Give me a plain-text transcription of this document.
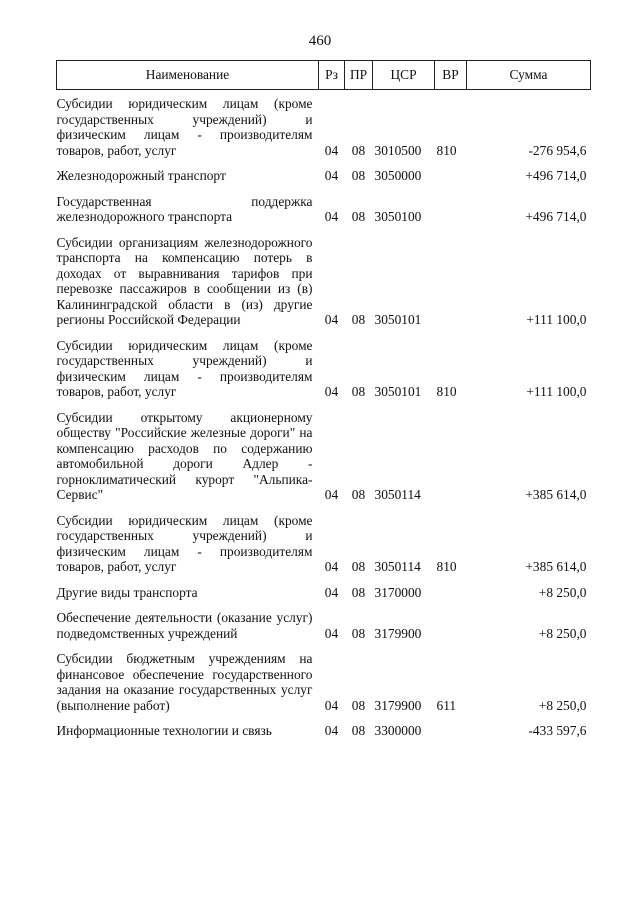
460
Наименование	Рз	ПР	ЦСР	ВР	Сумма
Субсидии юридическим лицам (кроме государственных учреждений) и физическим лицам - производителям товаров, работ, услуг	04	08	3010500	810	-276 954,6
Железнодорожный транспорт	04	08	3050000		+496 714,0
Государственная поддержка железнодорожного транспорта	04	08	3050100		+496 714,0
Субсидии организациям железнодорожного транспорта на компенсацию потерь в доходах от выравнивания тарифов при перевозке пассажиров в сообщении из (в) Калининградской области в (из) другие регионы Российской Федерации	04	08	3050101		+111 100,0
Субсидии юридическим лицам (кроме государственных учреждений) и физическим лицам - производителям товаров, работ, услуг	04	08	3050101	810	+111 100,0
Субсидии открытому акционерному обществу "Российские железные дороги" на компенсацию расходов по содержанию автомобильной дороги Адлер - горноклиматический курорт "Альпика-Сервис"	04	08	3050114		+385 614,0
Субсидии юридическим лицам (кроме государственных учреждений) и физическим лицам - производителям товаров, работ, услуг	04	08	3050114	810	+385 614,0
Другие виды транспорта	04	08	3170000		+8 250,0
Обеспечение деятельности (оказание услуг) подведомственных учреждений	04	08	3179900		+8 250,0
Субсидии бюджетным учреждениям на финансовое обеспечение государственного задания на оказание государственных услуг (выполнение работ)	04	08	3179900	611	+8 250,0
Информационные технологии и связь	04	08	3300000		-433 597,6
